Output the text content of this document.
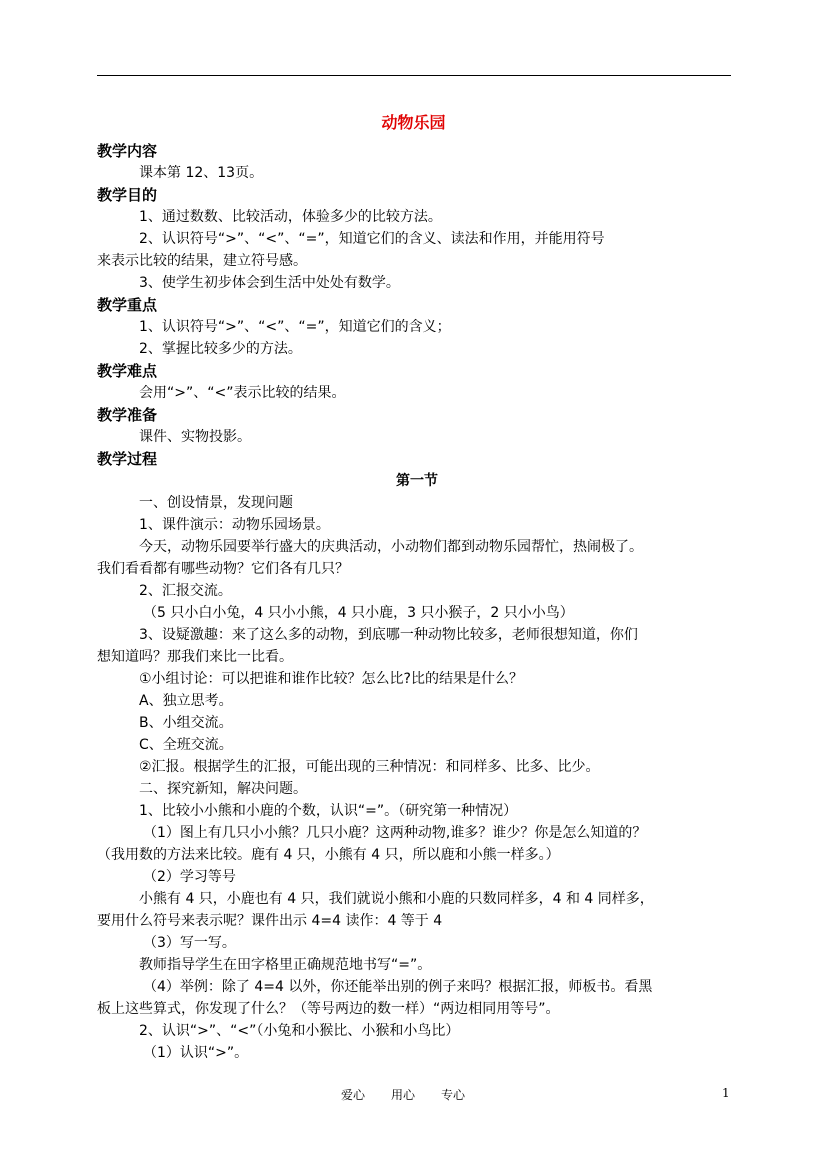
动物乐园
教学内容
课本第 12、13页。
教学目的
1、通过数数、比较活动，体验多少的比较方法。
2、认识符号“>”、“<”、“=”，知道它们的含义、读法和作用，并能用符号
来表示比较的结果，建立符号感。
3、使学生初步体会到生活中处处有数学。
教学重点
1、认识符号“>”、“<”、“=”，知道它们的含义；
2、掌握比较多少的方法。
教学难点
会用“>”、“<”表示比较的结果。
教学准备
课件、实物投影。
教学过程
第一节
一、创设情景，发现问题
1、课件演示：动物乐园场景。
今天，动物乐园要举行盛大的庆典活动，小动物们都到动物乐园帮忙，热闹极了。
我们看看都有哪些动物？它们各有几只？
2、汇报交流。
（5 只小白小兔，4 只小小熊，4 只小鹿，3 只小猴子，2 只小小鸟）
3、设疑激趣：来了这么多的动物，到底哪一种动物比较多，老师很想知道，你们
想知道吗？那我们来比一比看。
①小组讨论：可以把谁和谁作比较？怎么比?比的结果是什么？
A、独立思考。
B、小组交流。
C、全班交流。
②汇报。根据学生的汇报，可能出现的三种情况：和同样多、比多、比少。
二、探究新知，解决问题。
1、比较小小熊和小鹿的个数，认识“=”。（研究第一种情况）
（1）图上有几只小小熊？几只小鹿？这两种动物,谁多？谁少？你是怎么知道的？
（我用数的方法来比较。鹿有 4 只，小熊有 4 只，所以鹿和小熊一样多。）
（2）学习等号
小熊有 4 只，小鹿也有 4 只，我们就说小熊和小鹿的只数同样多，4 和 4 同样多，
要用什么符号来表示呢？课件出示 4=4 读作：4 等于 4
（3）写一写。
教师指导学生在田字格里正确规范地书写“=”。
（4）举例：除了 4=4 以外，你还能举出别的例子来吗？根据汇报，师板书。看黑
板上这些算式，你发现了什么？（等号两边的数一样）“两边相同用等号”。
2、认识“>”、“<”（小兔和小猴比、小猴和小鸟比）
（1）认识“>”。
爱心 用心 专心	1
